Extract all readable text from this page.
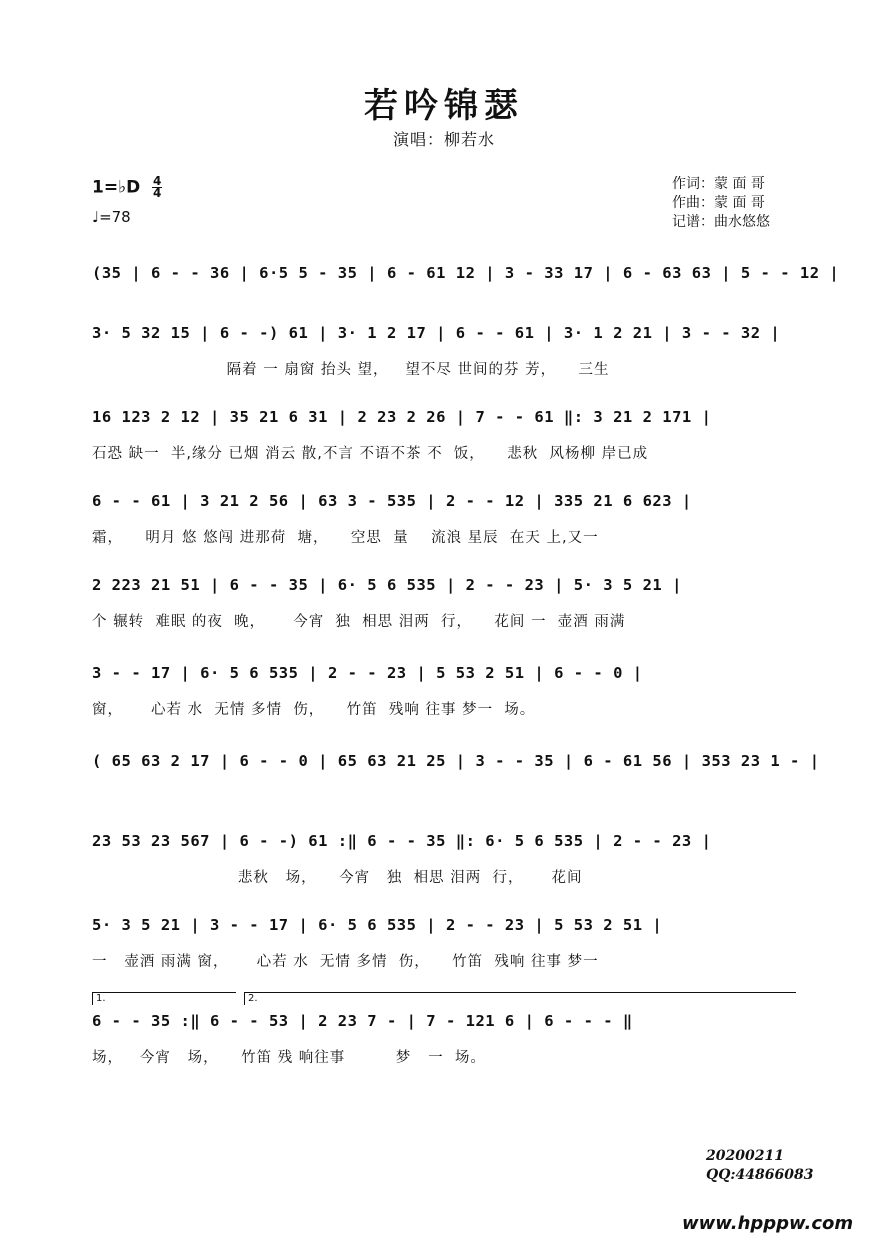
若吟锦瑟
演唱：柳若水
1=♭D $\frac{4}{4}$
♩=78
作词：蒙 面 哥
作曲：蒙 面 哥
记谱：曲水悠悠
(35 | 6 - - 36 | 6·5 5 - 35 | 6 - 61 12 | 3 - 33 17 | 6 - 63 63 | 5 - - 12 |
3· 5 32 15 | 6 - -) 61 | 3· 1 2 17 | 6 - - 61 | 3· 1 2 21 | 3 - - 32 |
隔着 一 扇窗 抬头 望，   望不尽 世间的芬 芳，    三生
16 123 2 12 | 35 21 6 31 | 2 23 2 26 | 7 - - 61 ‖: 3 21 2 171 |
石恐 缺一  半,缘分 已烟 消云 散,不言 不语不茶 不  饭，    悲秋  风杨柳 岸已成
6 - - 61 | 3 21 2 56 | 63 3 - 535 | 2 - - 12 | 335 21 6 623 |
霜，    明月 悠 悠闯 进那荷  塘，    空思  量    流浪 星辰  在天 上,又一
2 223 21 51 | 6 - - 35 | 6· 5 6 535 | 2 - - 23 | 5· 3 5 21 |
个 辗转  难眠 的夜  晚，     今宵  独  相思 泪两  行，    花间 一  壶酒 雨满
3 - - 17 | 6· 5 6 535 | 2 - - 23 | 5 53 2 51 | 6 - - 0 |
窗，     心若 水  无情 多情  伤，    竹笛  残响 往事 梦一  场。
( 65 63 2 17 | 6 - - 0 | 65 63 21 25 | 3 - - 35 | 6 - 61 56 | 353 23 1 - |
23 53 23 567 | 6 - -) 61 :‖ 6 - - 35 ‖: 6· 5 6 535 | 2 - - 23 |
悲秋   场，    今宵   独  相思 泪两  行，     花间
5· 3 5 21 | 3 - - 17 | 6· 5 6 535 | 2 - - 23 | 5 53 2 51 |
一   壶酒 雨满 窗，     心若 水  无情 多情  伤，    竹笛  残响 往事 梦一
1.	2.
6 - - 35 :‖ 6 - - 53 | 2 23 7 - | 7 - 121 6 | 6 - - - ‖
场，   今宵   场，    竹笛 残 响往事         梦   一  场。
20200211
QQ:44866083
www.hpppw.com
